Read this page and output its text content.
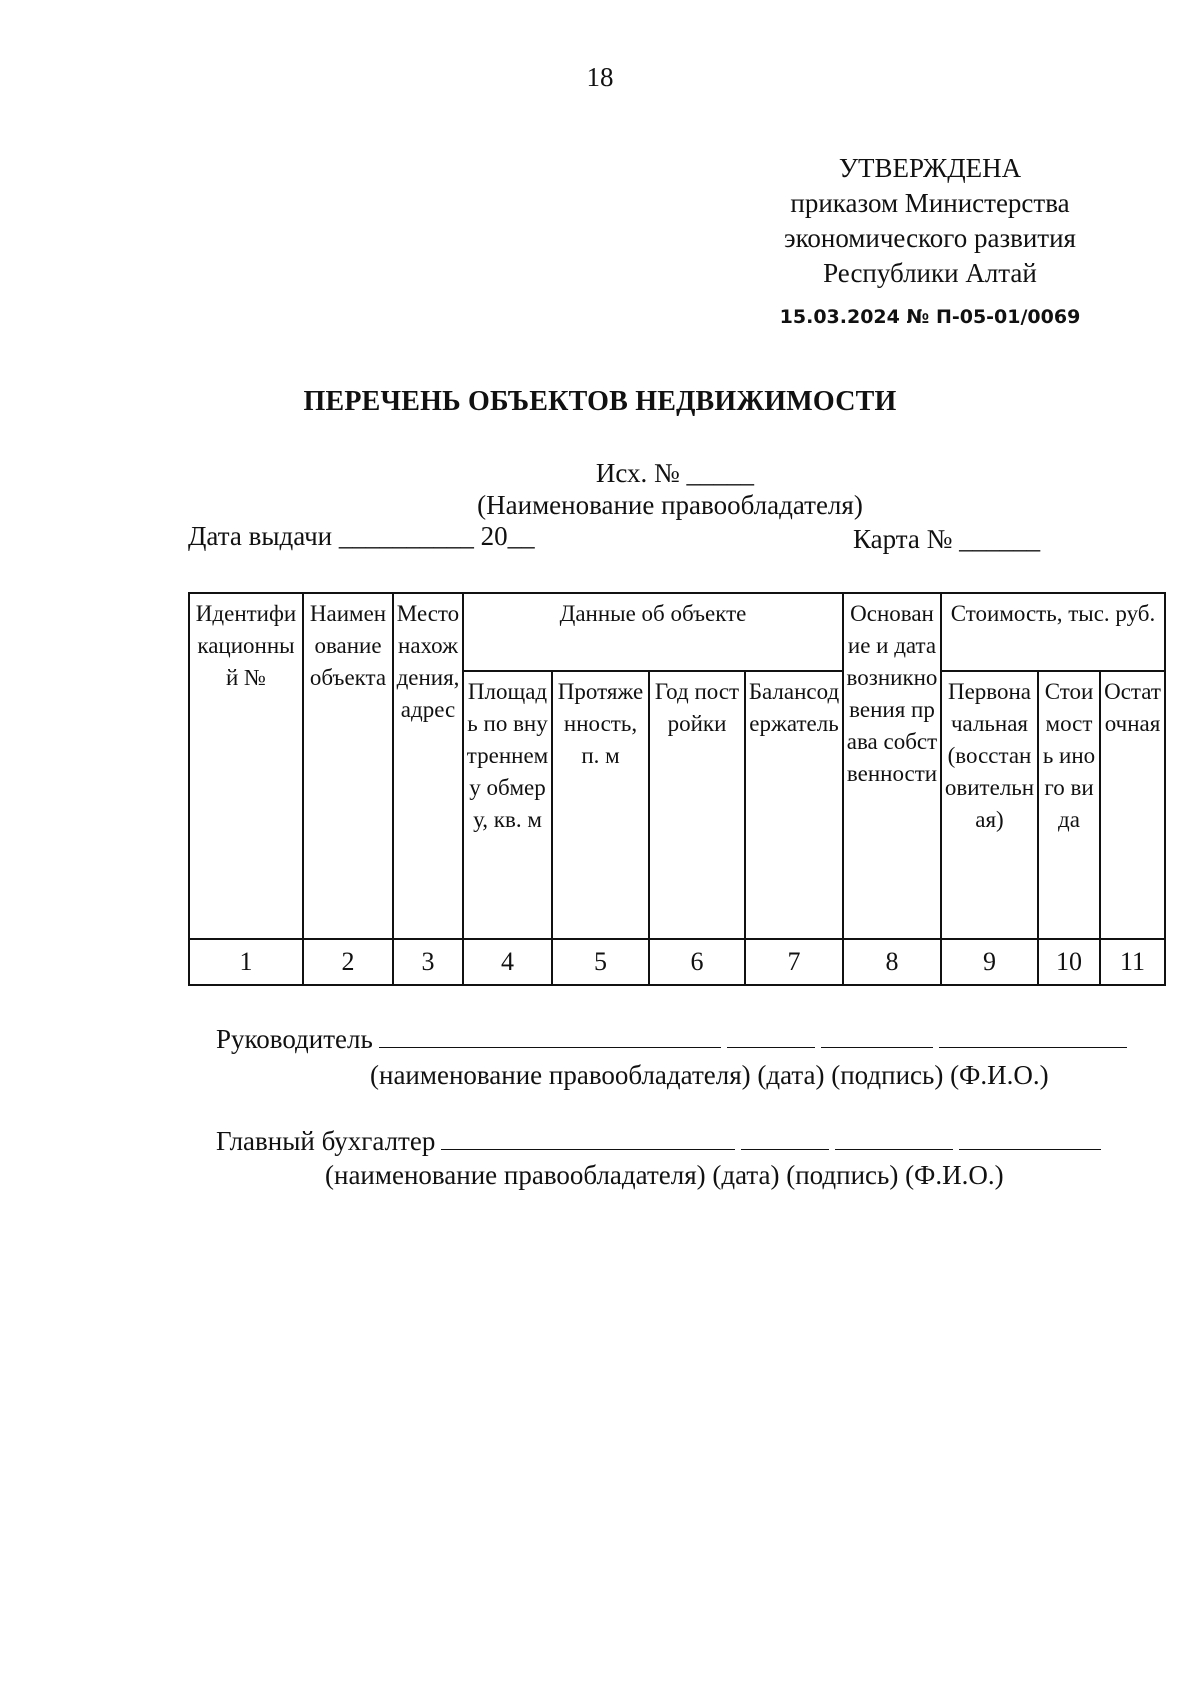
18
УТВЕРЖДЕНА
приказом Министерства
экономического развития
Республики Алтай
15.03.2024 № П-05-01/0069
ПЕРЕЧЕНЬ ОБЪЕКТОВ НЕДВИЖИМОСТИ
Исх. № _____
(Наименование правообладателя)
Дата выдачи __________ 20__	Карта № ______
Идентификационный №	Наименование объекта	Место нахождения, адрес	Данные об объекте				Основание и дата возникновения права собственности	Стоимость, тыс. руб.		
			Площадь по внутреннему обмеру, кв. м	Протяженность, п. м	Год постройки	Балансодержатель		Первоначальная (восстановительная)	Стоимость иного вида	Остаточная
1	2	3	4	5	6	7	8	9	10	11
Руководитель
(наименование правообладателя) (дата) (подпись) (Ф.И.О.)
Главный бухгалтер
(наименование правообладателя) (дата) (подпись) (Ф.И.О.)
